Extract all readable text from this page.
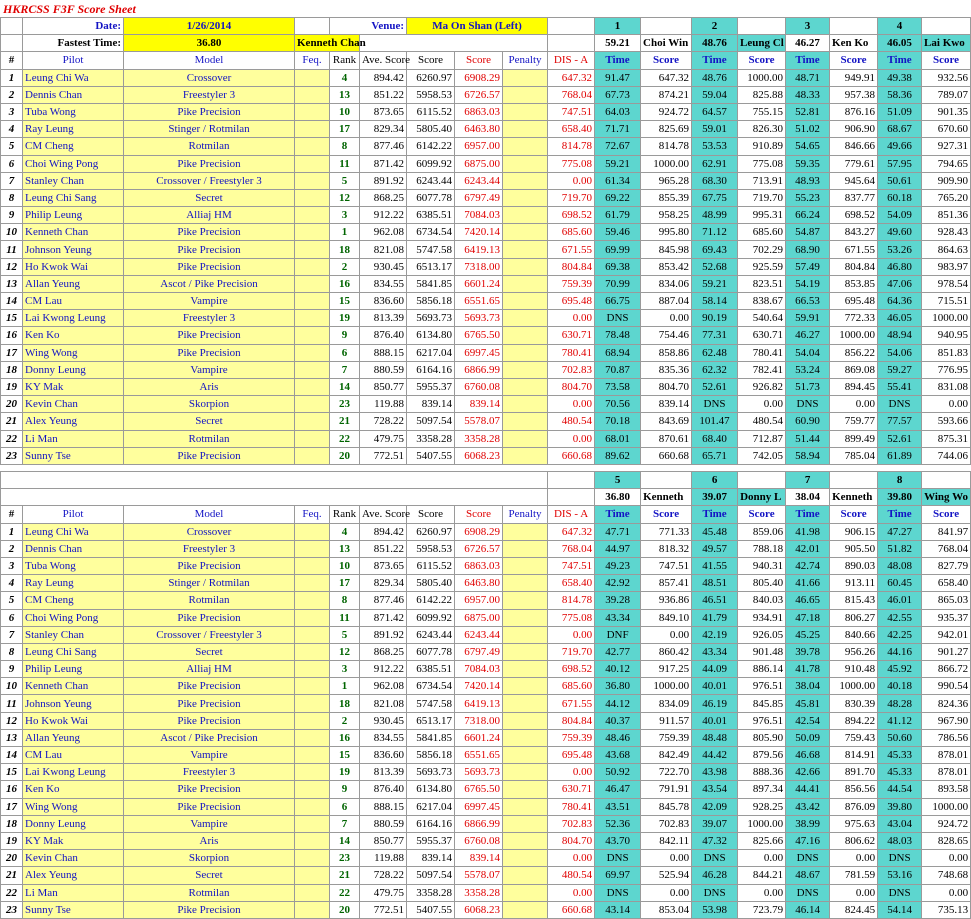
HKRCSS F3F Score Sheet
	Date:	1/26/2014		Venue:		Ma On Shan (Left)				1		2		3		4	
	Fastest Time:	36.80	Kenneth Chan							59.21	Choi Win	48.76	Leung Cl	46.27	Ken Ko	46.05	Lai Kwo
#	Pilot	Model	Feq.	Rank	Ave. Score	Score	Score	Penalty	DIS - A	Time	Score	Time	Score	Time	Score	Time	Score
1	Leung Chi Wa	Crossover		4	894.42	6260.97	6908.29		647.32	91.47	647.32	48.76	1000.00	48.71	949.91	49.38	932.56
2	Dennis Chan	Freestyler 3		13	851.22	5958.53	6726.57		768.04	67.73	874.21	59.04	825.88	48.33	957.38	58.36	789.07
3	Tuba Wong	Pike Precision		10	873.65	6115.52	6863.03		747.51	64.03	924.72	64.57	755.15	52.81	876.16	51.09	901.35
4	Ray Leung	Stinger / Rotmilan		17	829.34	5805.40	6463.80		658.40	71.71	825.69	59.01	826.30	51.02	906.90	68.67	670.60
5	CM Cheng	Rotmilan		8	877.46	6142.22	6957.00		814.78	72.67	814.78	53.53	910.89	54.65	846.66	49.66	927.31
6	Choi Wing Pong	Pike Precision		11	871.42	6099.92	6875.00		775.08	59.21	1000.00	62.91	775.08	59.35	779.61	57.95	794.65
7	Stanley Chan	Crossover / Freestyler 3		5	891.92	6243.44	6243.44		0.00	61.34	965.28	68.30	713.91	48.93	945.64	50.61	909.90
8	Leung Chi Sang	Secret		12	868.25	6077.78	6797.49		719.70	69.22	855.39	67.75	719.70	55.23	837.77	60.18	765.20
9	Philip Leung	Alliaj HM		3	912.22	6385.51	7084.03		698.52	61.79	958.25	48.99	995.31	66.24	698.52	54.09	851.36
10	Kenneth Chan	Pike Precision		1	962.08	6734.54	7420.14		685.60	59.46	995.80	71.12	685.60	54.87	843.27	49.60	928.43
11	Johnson Yeung	Pike Precision		18	821.08	5747.58	6419.13		671.55	69.99	845.98	69.43	702.29	68.90	671.55	53.26	864.63
12	Ho Kwok Wai	Pike Precision		2	930.45	6513.17	7318.00		804.84	69.38	853.42	52.68	925.59	57.49	804.84	46.80	983.97
13	Allan Yeung	Ascot / Pike Precision		16	834.55	5841.85	6601.24		759.39	70.99	834.06	59.21	823.51	54.19	853.85	47.06	978.54
14	CM Lau	Vampire		15	836.60	5856.18	6551.65		695.48	66.75	887.04	58.14	838.67	66.53	695.48	64.36	715.51
15	Lai Kwong Leung	Freestyler 3		19	813.39	5693.73	5693.73		0.00	DNS	0.00	90.19	540.64	59.91	772.33	46.05	1000.00
16	Ken Ko	Pike Precision		9	876.40	6134.80	6765.50		630.71	78.48	754.46	77.31	630.71	46.27	1000.00	48.94	940.95
17	Wing Wong	Pike Precision		6	888.15	6217.04	6997.45		780.41	68.94	858.86	62.48	780.41	54.04	856.22	54.06	851.83
18	Donny Leung	Vampire		7	880.59	6164.16	6866.99		702.83	70.87	835.36	62.32	782.41	53.24	869.08	59.27	776.95
19	KY Mak	Aris		14	850.77	5955.37	6760.08		804.70	73.58	804.70	52.61	926.82	51.73	894.45	55.41	831.08
20	Kevin Chan	Skorpion		23	119.88	839.14	839.14		0.00	70.56	839.14	DNS	0.00	DNS	0.00	DNS	0.00
21	Alex Yeung	Secret		21	728.22	5097.54	5578.07		480.54	70.18	843.69	101.47	480.54	60.90	759.77	77.57	593.66
22	Li Man	Rotmilan		22	479.75	3358.28	3358.28		0.00	68.01	870.61	68.40	712.87	51.44	899.49	52.61	875.31
23	Sunny Tse	Pike Precision		20	772.51	5407.55	6068.23		660.68	89.62	660.68	65.71	742.05	58.94	785.04	61.89	744.06
										5		6		7		8	
										36.80	Kenneth	39.07	Donny L	38.04	Kenneth	39.80	Wing Wo
#	Pilot	Model	Feq.	Rank	Ave. Score	Score	Score	Penalty	DIS - A	Time	Score	Time	Score	Time	Score	Time	Score
1	Leung Chi Wa	Crossover		4	894.42	6260.97	6908.29		647.32	47.71	771.33	45.48	859.06	41.98	906.15	47.27	841.97
2	Dennis Chan	Freestyler 3		13	851.22	5958.53	6726.57		768.04	44.97	818.32	49.57	788.18	42.01	905.50	51.82	768.04
3	Tuba Wong	Pike Precision		10	873.65	6115.52	6863.03		747.51	49.23	747.51	41.55	940.31	42.74	890.03	48.08	827.79
4	Ray Leung	Stinger / Rotmilan		17	829.34	5805.40	6463.80		658.40	42.92	857.41	48.51	805.40	41.66	913.11	60.45	658.40
5	CM Cheng	Rotmilan		8	877.46	6142.22	6957.00		814.78	39.28	936.86	46.51	840.03	46.65	815.43	46.01	865.03
6	Choi Wing Pong	Pike Precision		11	871.42	6099.92	6875.00		775.08	43.34	849.10	41.79	934.91	47.18	806.27	42.55	935.37
7	Stanley Chan	Crossover / Freestyler 3		5	891.92	6243.44	6243.44		0.00	DNF	0.00	42.19	926.05	45.25	840.66	42.25	942.01
8	Leung Chi Sang	Secret		12	868.25	6077.78	6797.49		719.70	42.77	860.42	43.34	901.48	39.78	956.26	44.16	901.27
9	Philip Leung	Alliaj HM		3	912.22	6385.51	7084.03		698.52	40.12	917.25	44.09	886.14	41.78	910.48	45.92	866.72
10	Kenneth Chan	Pike Precision		1	962.08	6734.54	7420.14		685.60	36.80	1000.00	40.01	976.51	38.04	1000.00	40.18	990.54
11	Johnson Yeung	Pike Precision		18	821.08	5747.58	6419.13		671.55	44.12	834.09	46.19	845.85	45.81	830.39	48.28	824.36
12	Ho Kwok Wai	Pike Precision		2	930.45	6513.17	7318.00		804.84	40.37	911.57	40.01	976.51	42.54	894.22	41.12	967.90
13	Allan Yeung	Ascot / Pike Precision		16	834.55	5841.85	6601.24		759.39	48.46	759.39	48.48	805.90	50.09	759.43	50.60	786.56
14	CM Lau	Vampire		15	836.60	5856.18	6551.65		695.48	43.68	842.49	44.42	879.56	46.68	814.91	45.33	878.01
15	Lai Kwong Leung	Freestyler 3		19	813.39	5693.73	5693.73		0.00	50.92	722.70	43.98	888.36	42.66	891.70	45.33	878.01
16	Ken Ko	Pike Precision		9	876.40	6134.80	6765.50		630.71	46.47	791.91	43.54	897.34	44.41	856.56	44.54	893.58
17	Wing Wong	Pike Precision		6	888.15	6217.04	6997.45		780.41	43.51	845.78	42.09	928.25	43.42	876.09	39.80	1000.00
18	Donny Leung	Vampire		7	880.59	6164.16	6866.99		702.83	52.36	702.83	39.07	1000.00	38.99	975.63	43.04	924.72
19	KY Mak	Aris		14	850.77	5955.37	6760.08		804.70	43.70	842.11	47.32	825.66	47.16	806.62	48.03	828.65
20	Kevin Chan	Skorpion		23	119.88	839.14	839.14		0.00	DNS	0.00	DNS	0.00	DNS	0.00	DNS	0.00
21	Alex Yeung	Secret		21	728.22	5097.54	5578.07		480.54	69.97	525.94	46.28	844.21	48.67	781.59	53.16	748.68
22	Li Man	Rotmilan		22	479.75	3358.28	3358.28		0.00	DNS	0.00	DNS	0.00	DNS	0.00	DNS	0.00
23	Sunny Tse	Pike Precision		20	772.51	5407.55	6068.23		660.68	43.14	853.04	53.98	723.79	46.14	824.45	54.14	735.13
